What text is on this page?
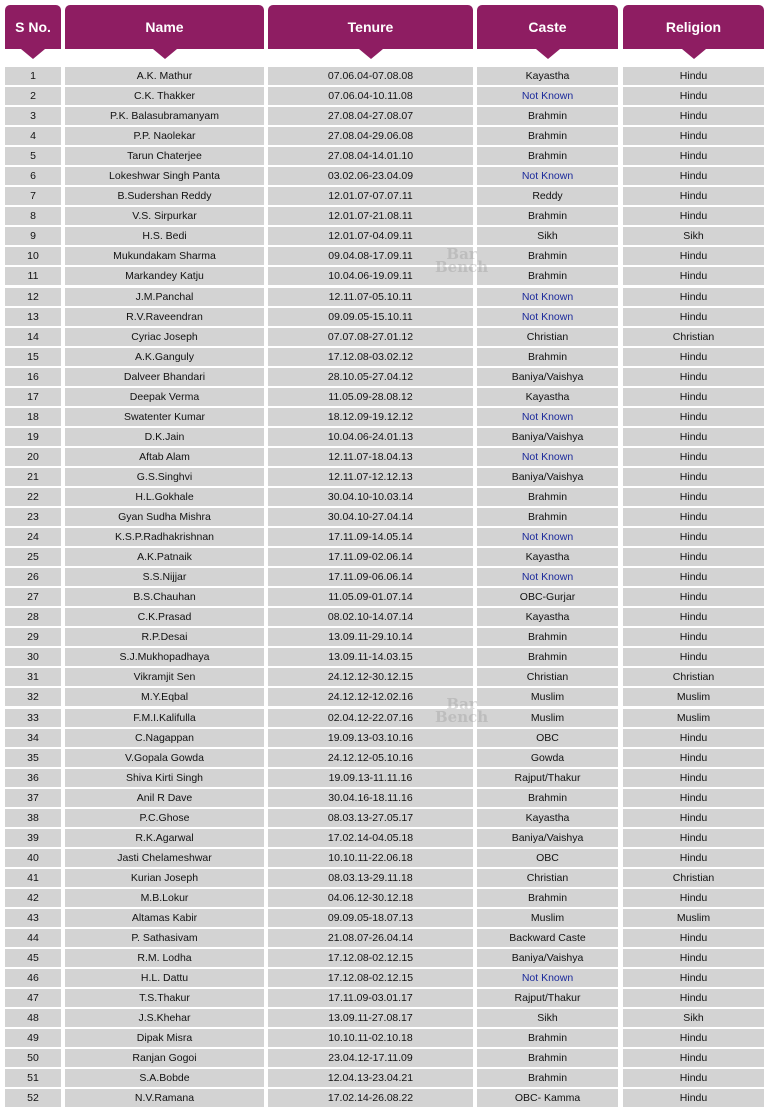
S No.	Name	Tenure	Caste	Religion
1	A.K. Mathur	07.06.04-07.08.08	Kayastha	Hindu
2	C.K. Thakker	07.06.04-10.11.08	Not Known	Hindu
3	P.K. Balasubramanyam	27.08.04-27.08.07	Brahmin	Hindu
4	P.P. Naolekar	27.08.04-29.06.08	Brahmin	Hindu
5	Tarun Chaterjee	27.08.04-14.01.10	Brahmin	Hindu
6	Lokeshwar Singh Panta	03.02.06-23.04.09	Not Known	Hindu
7	B.Sudershan Reddy	12.01.07-07.07.11	Reddy	Hindu
8	V.S. Sirpurkar	12.01.07-21.08.11	Brahmin	Hindu
9	H.S. Bedi	12.01.07-04.09.11	Sikh	Sikh
10	Mukundakam Sharma	09.04.08-17.09.11	Brahmin	Hindu
11	Markandey Katju	10.04.06-19.09.11	Brahmin	Hindu
12	J.M.Panchal	12.11.07-05.10.11	Not Known	Hindu
13	R.V.Raveendran	09.09.05-15.10.11	Not Known	Hindu
14	Cyriac Joseph	07.07.08-27.01.12	Christian	Christian
15	A.K.Ganguly	17.12.08-03.02.12	Brahmin	Hindu
16	Dalveer Bhandari	28.10.05-27.04.12	Baniya/Vaishya	Hindu
17	Deepak Verma	11.05.09-28.08.12	Kayastha	Hindu
18	Swatenter Kumar	18.12.09-19.12.12	Not Known	Hindu
19	D.K.Jain	10.04.06-24.01.13	Baniya/Vaishya	Hindu
20	Aftab Alam	12.11.07-18.04.13	Not Known	Hindu
21	G.S.Singhvi	12.11.07-12.12.13	Baniya/Vaishya	Hindu
22	H.L.Gokhale	30.04.10-10.03.14	Brahmin	Hindu
23	Gyan Sudha Mishra	30.04.10-27.04.14	Brahmin	Hindu
24	K.S.P.Radhakrishnan	17.11.09-14.05.14	Not Known	Hindu
25	A.K.Patnaik	17.11.09-02.06.14	Kayastha	Hindu
26	S.S.Nijjar	17.11.09-06.06.14	Not Known	Hindu
27	B.S.Chauhan	11.05.09-01.07.14	OBC-Gurjar	Hindu
28	C.K.Prasad	08.02.10-14.07.14	Kayastha	Hindu
29	R.P.Desai	13.09.11-29.10.14	Brahmin	Hindu
30	S.J.Mukhopadhaya	13.09.11-14.03.15	Brahmin	Hindu
31	Vikramjit Sen	24.12.12-30.12.15	Christian	Christian
32	M.Y.Eqbal	24.12.12-12.02.16	Muslim	Muslim
33	F.M.I.Kalifulla	02.04.12-22.07.16	Muslim	Muslim
34	C.Nagappan	19.09.13-03.10.16	OBC	Hindu
35	V.Gopala Gowda	24.12.12-05.10.16	Gowda	Hindu
36	Shiva Kirti Singh	19.09.13-11.11.16	Rajput/Thakur	Hindu
37	Anil R Dave	30.04.16-18.11.16	Brahmin	Hindu
38	P.C.Ghose	08.03.13-27.05.17	Kayastha	Hindu
39	R.K.Agarwal	17.02.14-04.05.18	Baniya/Vaishya	Hindu
40	Jasti Chelameshwar	10.10.11-22.06.18	OBC	Hindu
41	Kurian Joseph	08.03.13-29.11.18	Christian	Christian
42	M.B.Lokur	04.06.12-30.12.18	Brahmin	Hindu
43	Altamas Kabir	09.09.05-18.07.13	Muslim	Muslim
44	P. Sathasivam	21.08.07-26.04.14	Backward Caste	Hindu
45	R.M. Lodha	17.12.08-02.12.15	Baniya/Vaishya	Hindu
46	H.L. Dattu	17.12.08-02.12.15	Not Known	Hindu
47	T.S.Thakur	17.11.09-03.01.17	Rajput/Thakur	Hindu
48	J.S.Khehar	13.09.11-27.08.17	Sikh	Sikh
49	Dipak Misra	10.10.11-02.10.18	Brahmin	Hindu
50	Ranjan Gogoi	23.04.12-17.11.09	Brahmin	Hindu
51	S.A.Bobde	12.04.13-23.04.21	Brahmin	Hindu
52	N.V.Ramana	17.02.14-26.08.22	OBC- Kamma	Hindu
Bar
Bench
Bar
Bench
